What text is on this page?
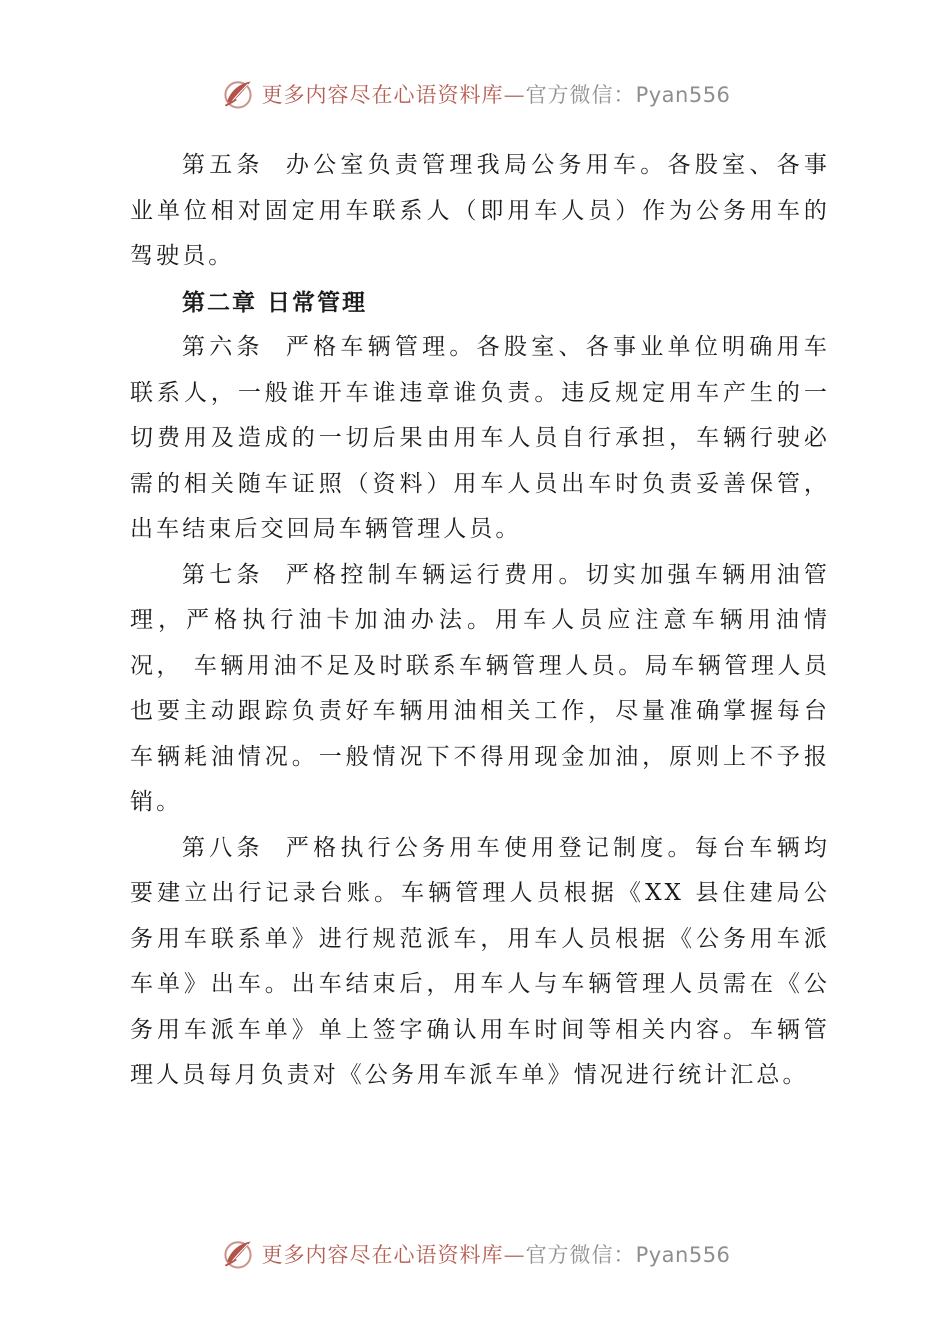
更多内容尽在心语资料库—官方微信：Pyan556

第五条 办公室负责管理我局公务用车。各股室、各事业单位相对固定用车联系人（即用车人员）作为公务用车的驾驶员。

第二章 日常管理

第六条 严格车辆管理。各股室、各事业单位明确用车联系人，一般谁开车谁违章谁负责。违反规定用车产生的一切费用及造成的一切后果由用车人员自行承担，车辆行驶必需的相关随车证照（资料）用车人员出车时负责妥善保管，出车结束后交回局车辆管理人员。

第七条 严格控制车辆运行费用。切实加强车辆用油管理，严格执行油卡加油办法。用车人员应注意车辆用油情况， 车辆用油不足及时联系车辆管理人员。局车辆管理人员也要主动跟踪负责好车辆用油相关工作，尽量准确掌握每台车辆耗油情况。一般情况下不得用现金加油，原则上不予报销。

第八条 严格执行公务用车使用登记制度。每台车辆均要建立出行记录台账。车辆管理人员根据《XX 县住建局公务用车联系单》进行规范派车，用车人员根据《公务用车派车单》出车。出车结束后，用车人与车辆管理人员需在《公务用车派车单》单上签字确认用车时间等相关内容。车辆管理人员每月负责对《公务用车派车单》情况进行统计汇总。

更多内容尽在心语资料库—官方微信：Pyan556
